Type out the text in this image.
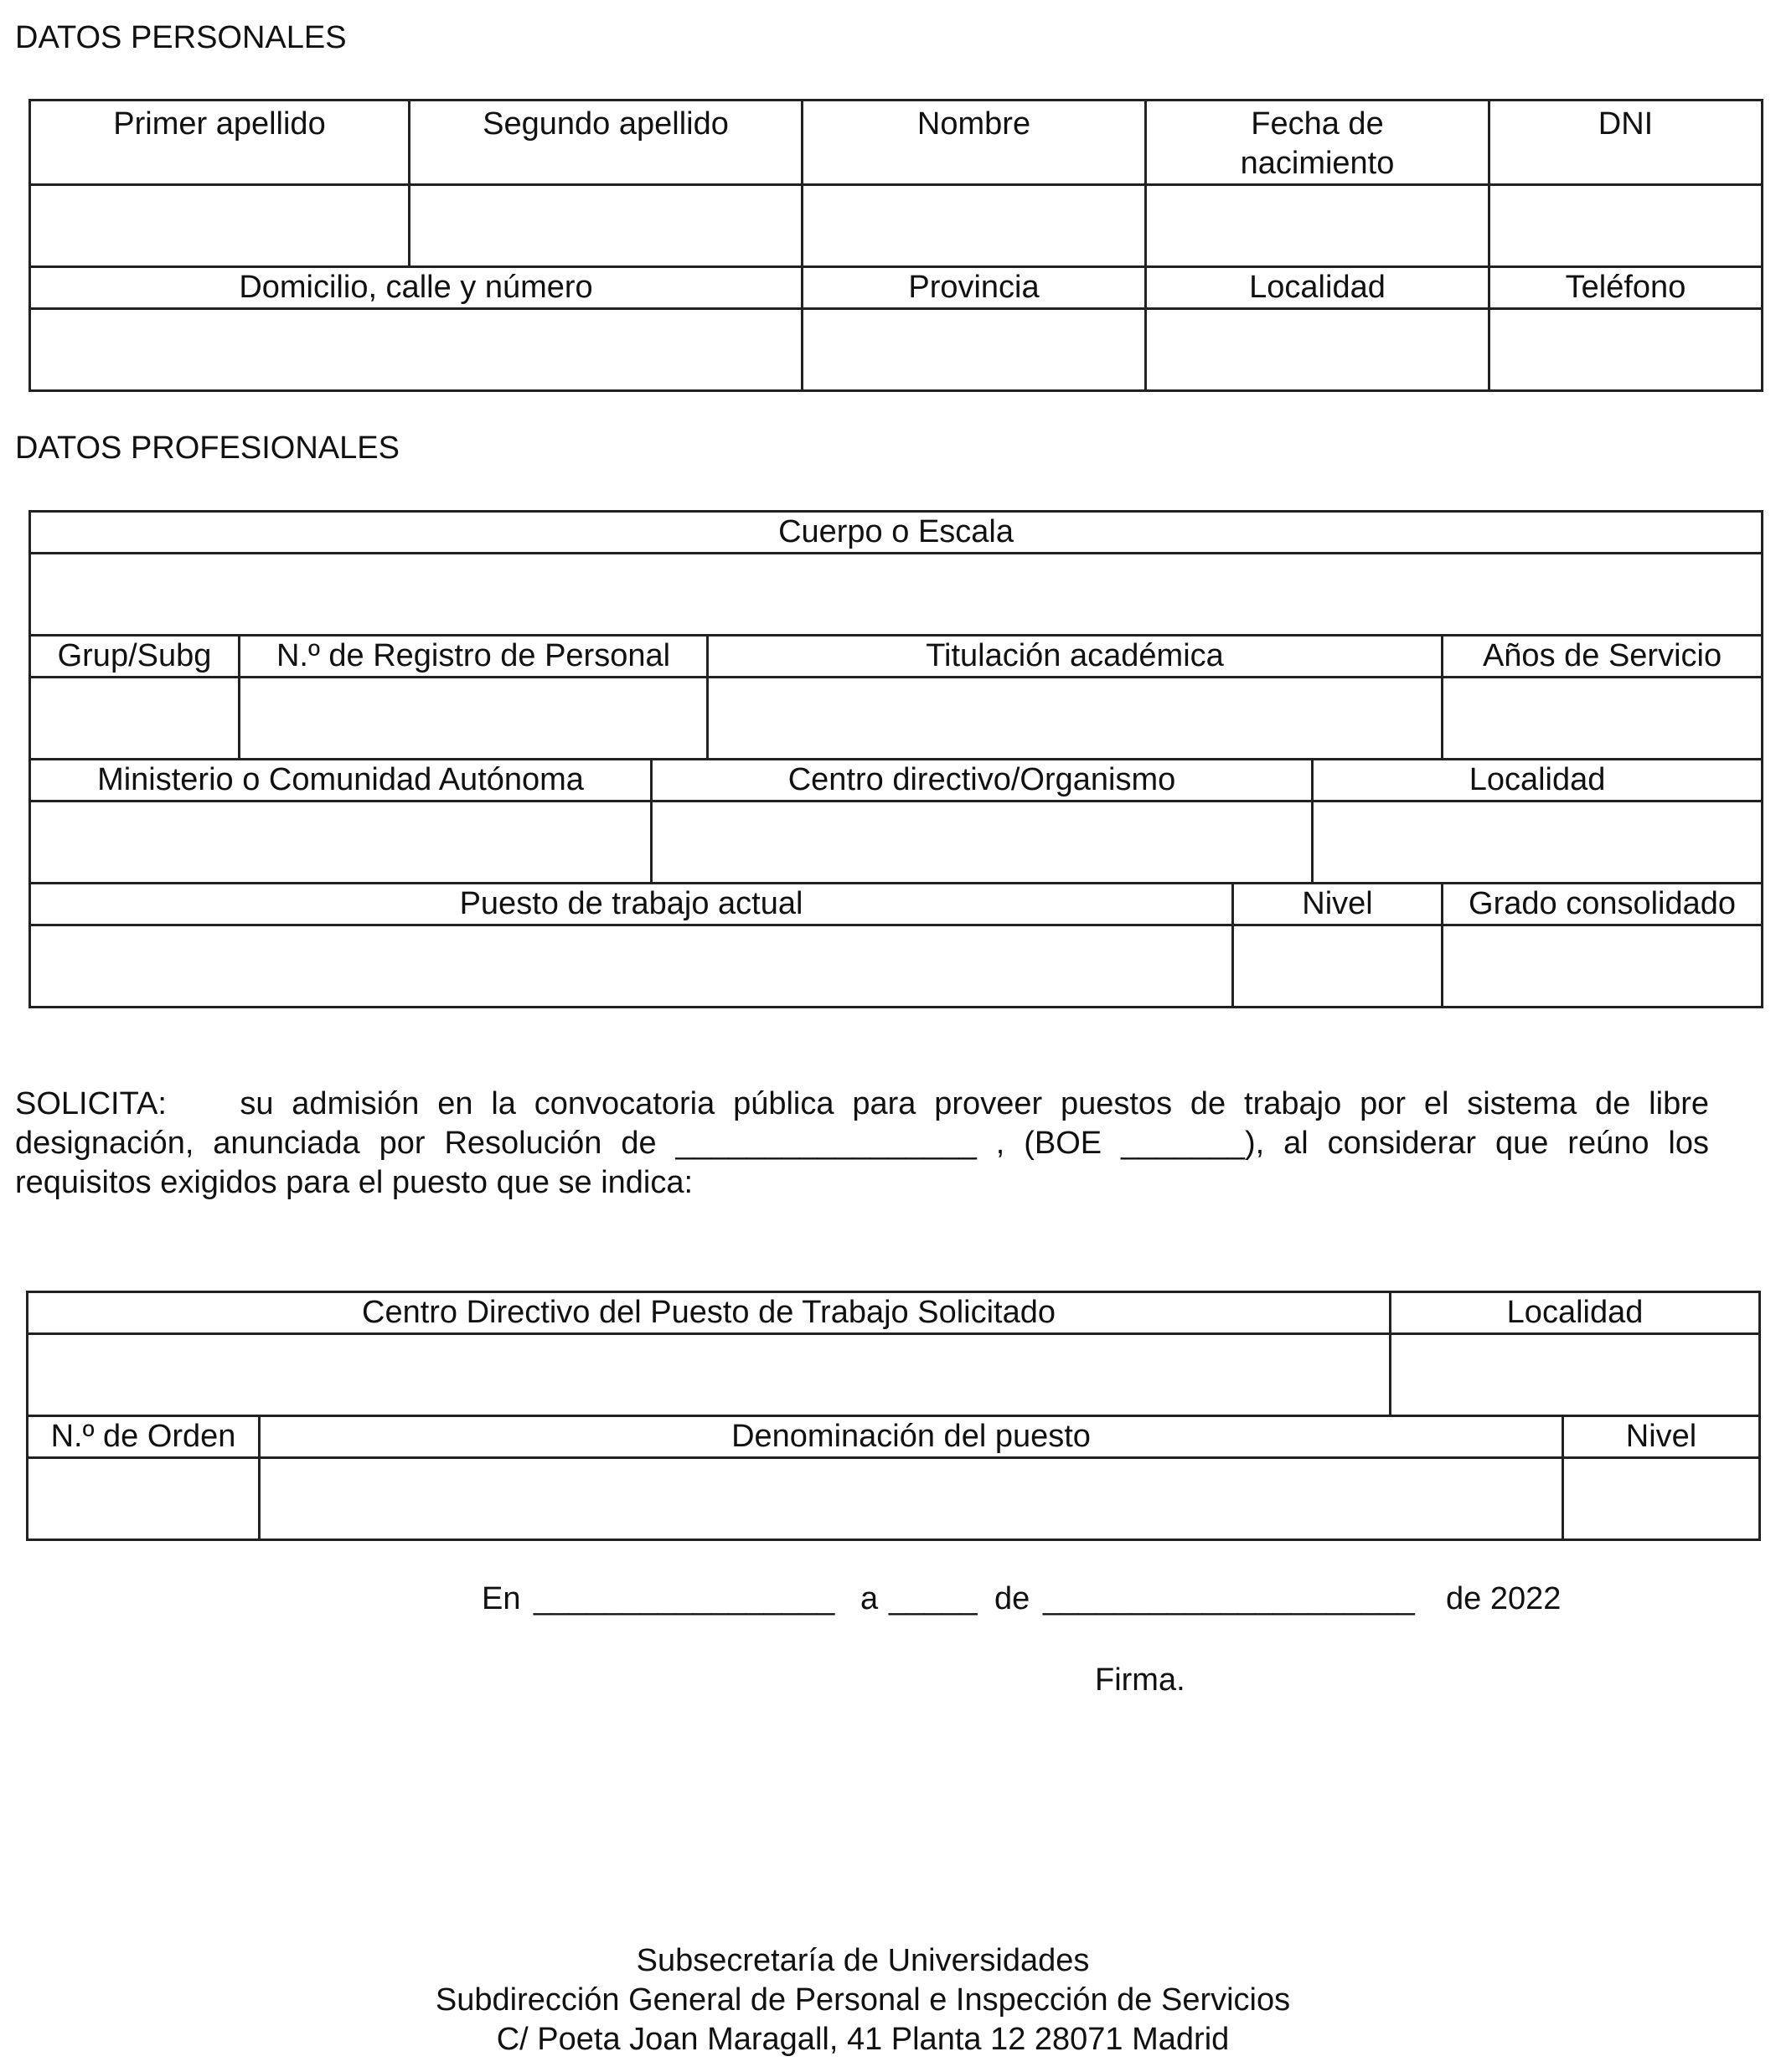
DATOS PERSONALES
Primer apellido	Segundo apellido	Nombre	Fecha de nacimiento	DNI

Domicilio, calle y número		Provincia	Localidad	Teléfono

DATOS PROFESIONALES
Cuerpo o Escala						

Grup/Subg	N.º de Registro de Personal		Titulación académica			Años de Servicio

Ministerio o Comunidad Autónoma		Centro directivo/Organismo			Localidad	

Puesto de trabajo actual				Nivel		Grado consolidado

SOLICITA: su admisión en la convocatoria pública para proveer puestos de trabajo por el sistema de libre designación, anunciada por Resolución de _________________ , (BOE _______), al considerar que reúno los requisitos exigidos para el puesto que se indica:
Centro Directivo del Puesto de Trabajo Solicitado		Localidad	

N.º de Orden	Denominación del puesto		Nivel

En _________________ a _____ de _____________________ de 2022
Firma.
Subsecretaría de Universidades
Subdirección General de Personal e Inspección de Servicios
C/ Poeta Joan Maragall, 41 Planta 12 28071 Madrid
